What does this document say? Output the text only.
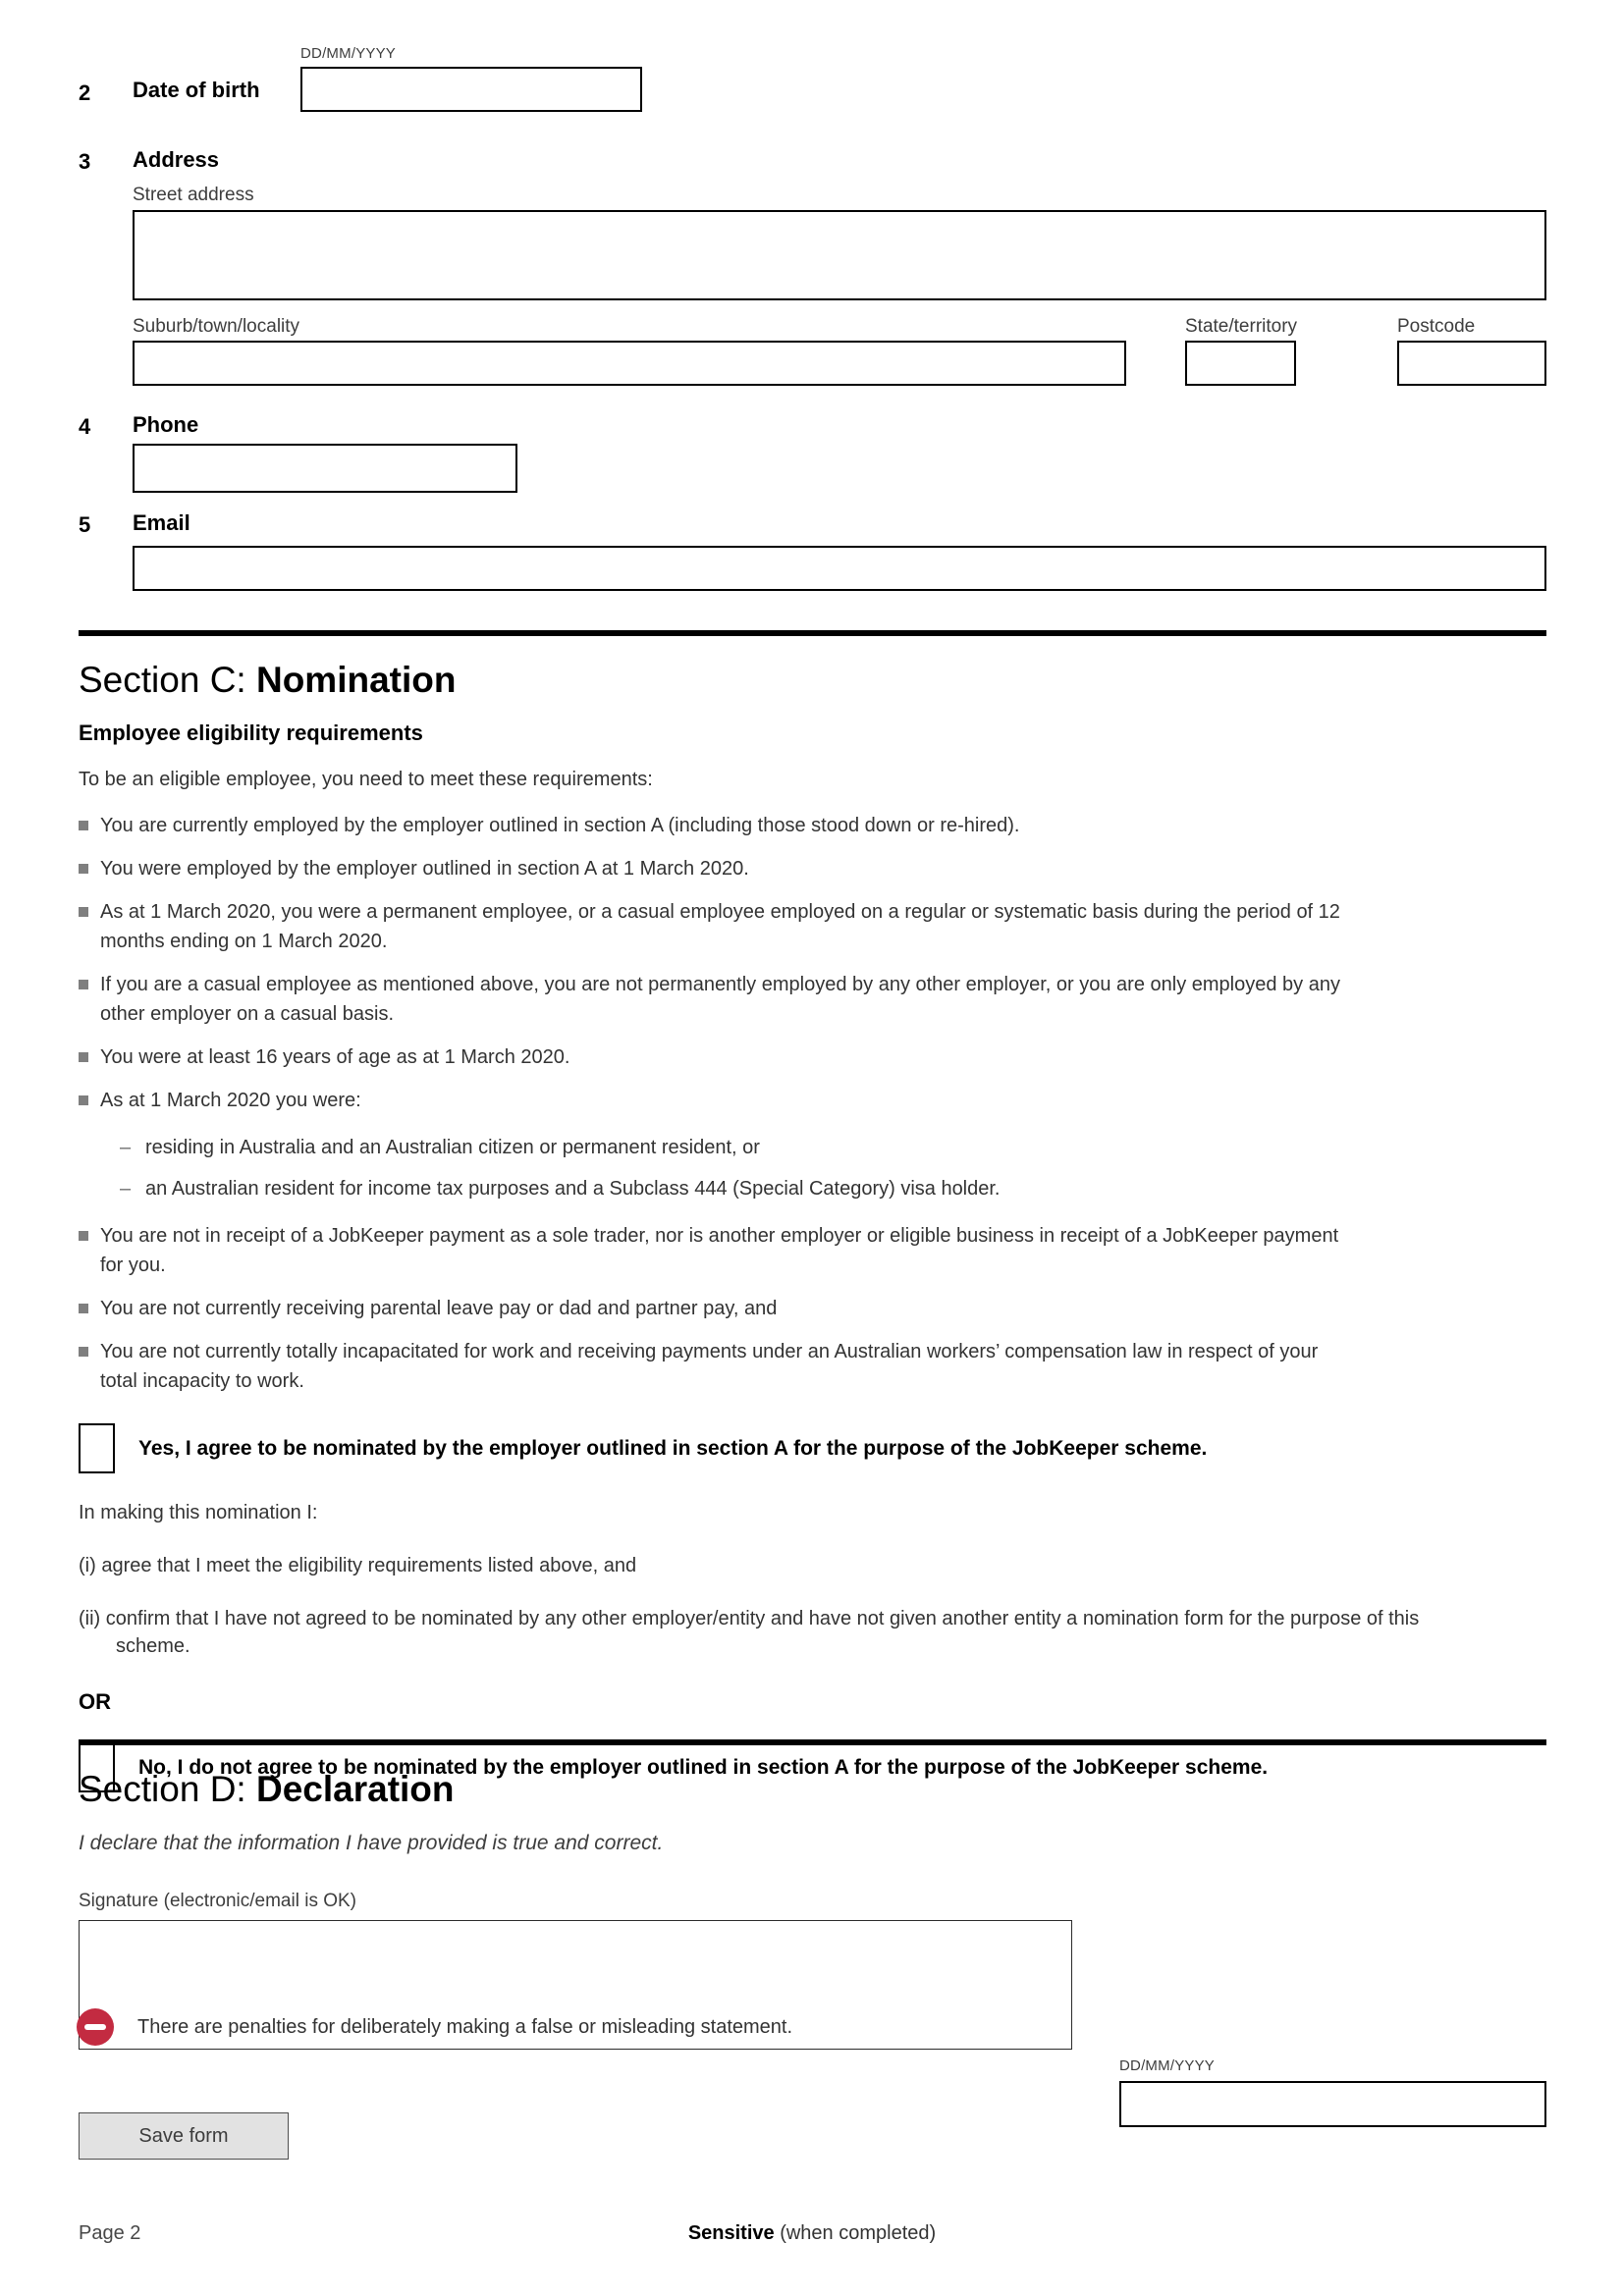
DD/MM/YYYY
2 Date of birth
3 Address
Street address
Suburb/town/locality	State/territory	Postcode
4 Phone
5 Email
Section C: Nomination
Employee eligibility requirements
To be an eligible employee, you need to meet these requirements:
You are currently employed by the employer outlined in section A (including those stood down or re-hired).
You were employed by the employer outlined in section A at 1 March 2020.
As at 1 March 2020, you were a permanent employee, or a casual employee employed on a regular or systematic basis during the period of 12 months ending on 1 March 2020.
If you are a casual employee as mentioned above, you are not permanently employed by any other employer, or you are only employed by any other employer on a casual basis.
You were at least 16 years of age as at 1 March 2020.
As at 1 March 2020 you were:
– residing in Australia and an Australian citizen or permanent resident, or
– an Australian resident for income tax purposes and a Subclass 444 (Special Category) visa holder.
You are not in receipt of a JobKeeper payment as a sole trader, nor is another employer or eligible business in receipt of a JobKeeper payment for you.
You are not currently receiving parental leave pay or dad and partner pay, and
You are not currently totally incapacitated for work and receiving payments under an Australian workers’ compensation law in respect of your total incapacity to work.
Yes, I agree to be nominated by the employer outlined in section A for the purpose of the JobKeeper scheme.
In making this nomination I:
(i) agree that I meet the eligibility requirements listed above, and
(ii) confirm that I have not agreed to be nominated by any other employer/entity and have not given another entity a nomination form for the purpose of this scheme.
OR
No, I do not agree to be nominated by the employer outlined in section A for the purpose of the JobKeeper scheme.
Section D: Declaration
I declare that the information I have provided is true and correct.
Signature (electronic/email is OK)
DD/MM/YYYY
There are penalties for deliberately making a false or misleading statement.
Save form
Page 2	Sensitive (when completed)
